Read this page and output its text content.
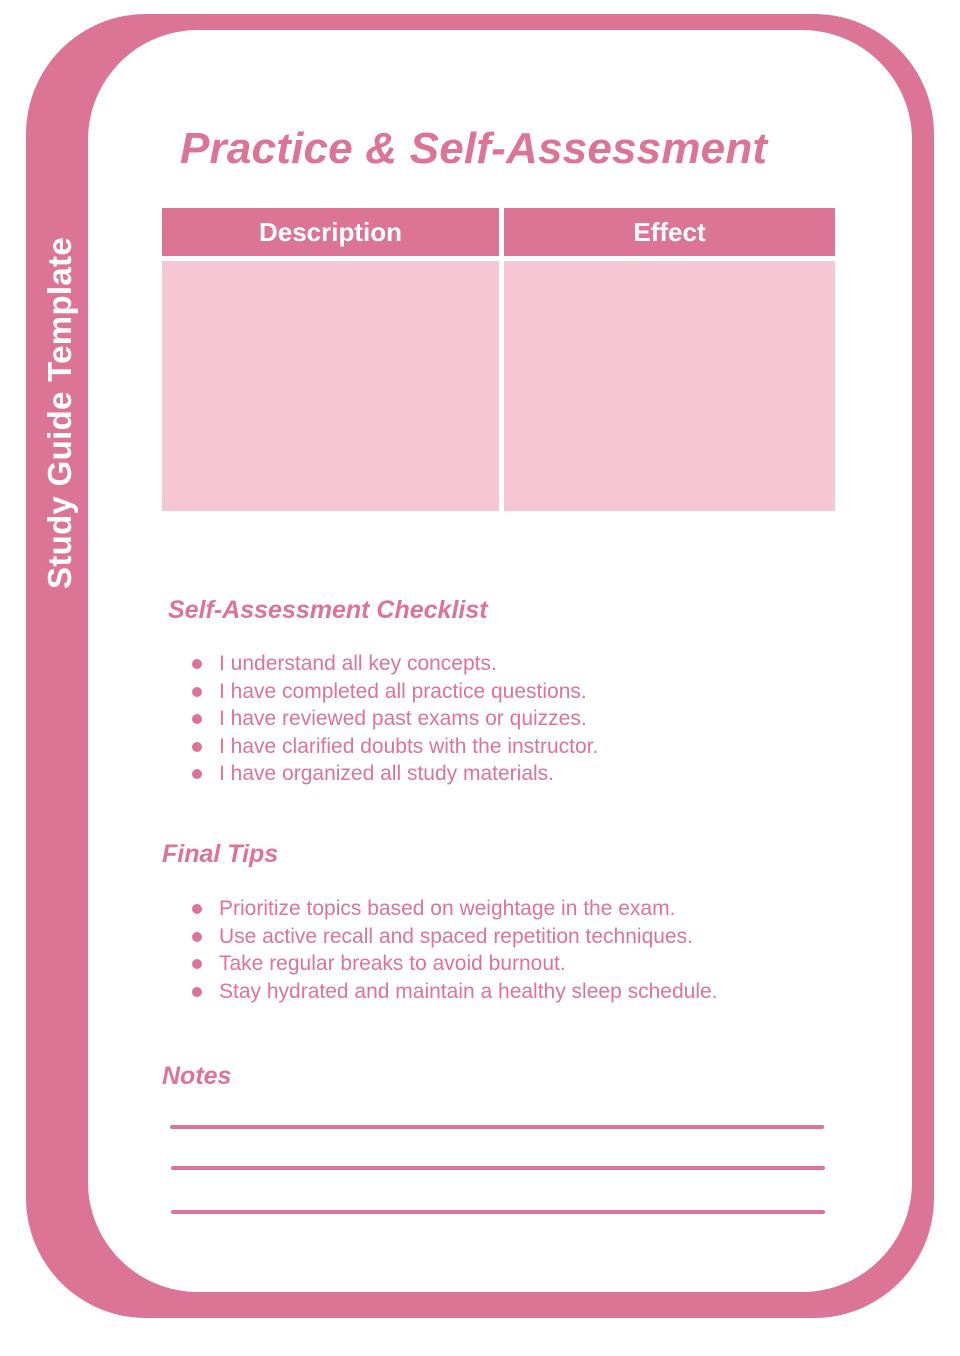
Study Guide Template
Practice & Self-Assessment
Description	Effect
Self-Assessment Checklist
I understand all key concepts.
I have completed all practice questions.
I have reviewed past exams or quizzes.
I have clarified doubts with the instructor.
I have organized all study materials.
Final Tips
Prioritize topics based on weightage in the exam.
Use active recall and spaced repetition techniques.
Take regular breaks to avoid burnout.
Stay hydrated and maintain a healthy sleep schedule.
Notes
